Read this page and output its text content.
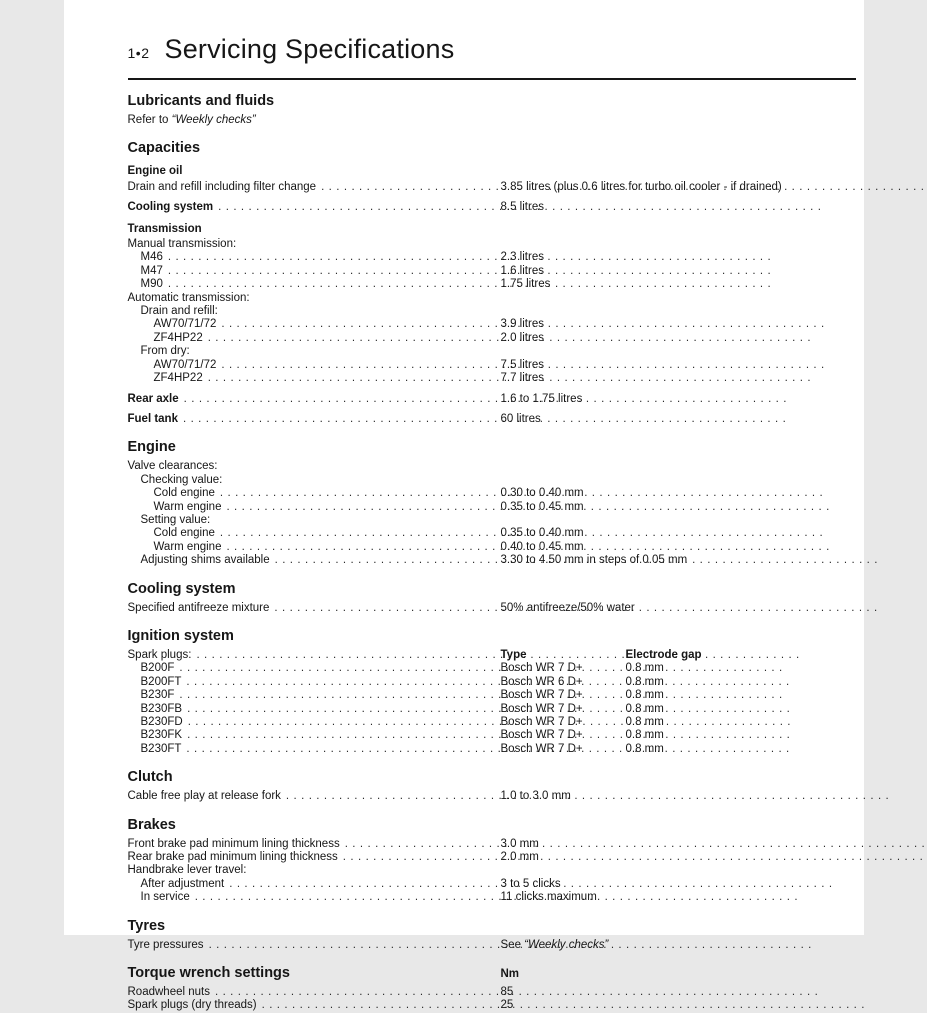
1•2 Servicing Specifications
Lubricants and fluids

Refer to “Weekly checks”

Capacities
Engine oil
Drain and refill including filter change . . .	3.85 litres (plus 0.6 litres for turbo oil cooler - if drained)
Cooling system . . .	8.5 litres
Transmission
Manual transmission:
M46 . . .	2.3 litres
M47 . . .	1.6 litres
M90 . . .	1.75 litres
Automatic transmission:
Drain and refill:
AW70/71/72 . . .	3.9 litres
ZF4HP22 . . .	2.0 litres
From dry:
AW70/71/72 . . .	7.5 litres
ZF4HP22 . . .	7.7 litres
Rear axle . . .	1.6 to 1.75 litres
Fuel tank . . .	60 litres
Engine
Valve clearances:
Checking value:
Cold engine . . .	0.30 to 0.40 mm
Warm engine . . .	0.35 to 0.45 mm
Setting value:
Cold engine . . .	0.35 to 0.40 mm
Warm engine . . .	0.40 to 0.45 mm
Adjusting shims available . . .	3.30 to 4.50 mm in steps of 0.05 mm
Cooling system
Specified antifreeze mixture . . .	50% antifreeze/50% water
Ignition system
Spark plugs: . . .	Type	Electrode gap
B200F . . .	Bosch WR 7 D+	0.8 mm
B200FT . . .	Bosch WR 6 D+	0.8 mm
B230F . . .	Bosch WR 7 D+	0.8 mm
B230FB . . .	Bosch WR 7 D+	0.8 mm
B230FD . . .	Bosch WR 7 D+	0.8 mm
B230FK . . .	Bosch WR 7 D+	0.8 mm
B230FT . . .	Bosch WR 7 D+	0.8 mm
Clutch
Cable free play at release fork . . .	1.0 to 3.0 mm
Brakes
Front brake pad minimum lining thickness . . .	3.0 mm
Rear brake pad minimum lining thickness . . .	2.0 mm
Handbrake lever travel:
After adjustment . . .	3 to 5 clicks
In service . . .	11 clicks maximum
Tyres
Tyre pressures . . .	See “Weekly checks”
Torque wrench settings	Nm
Roadwheel nuts . . .	85
Spark plugs (dry threads) . . .	25
